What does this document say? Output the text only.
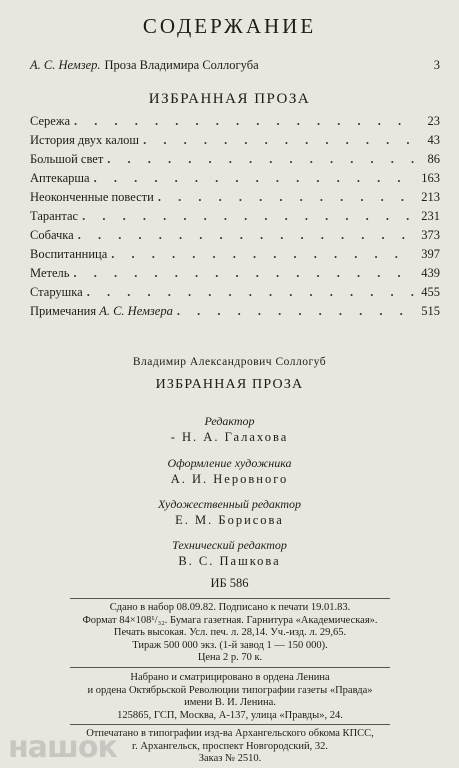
СОДЕРЖАНИЕ
А. С. Немзер. Проза Владимира Соллогуба	3
ИЗБРАННАЯ ПРОЗА
Сережа . . .	23
История двух калош . . .	43
Большой свет . . .	86
Аптекарша . . .	163
Неоконченные повести . . .	213
Тарантас . . .	231
Собачка . . .	373
Воспитанница . . .	397
Метель . . .	439
Старушка . . .	455
Примечания А. С. Немзера . . .	515
Владимир Александрович Соллогуб
ИЗБРАННАЯ ПРОЗА
Редактор
- Н. А. Галахова
Оформление художника
А. И. Неровного
Художественный редактор
Е. М. Борисова
Технический редактор
В. С. Пашкова
ИБ 586
Сдано в набор 08.09.82. Подписано к печати 19.01.83.
Формат 84×108¹/₃₂. Бумага газетная. Гарнитура «Академическая».
Печать высокая. Усл. печ. л. 28,14. Уч.-изд. л. 29,65.
Тираж 500 000 экз. (1-й завод 1 — 150 000).
Цена 2 р. 70 к.
Набрано и сматрицировано в ордена Ленина
и ордена Октябрьской Революции типографии газеты «Правда»
имени В. И. Ленина.
125865, ГСП, Москва, А-137, улица «Правды», 24.
Отпечатано в типографии изд-ва Архангельского обкома КПСС,
г. Архангельск, проспект Новгородский, 32.
Заказ № 2510.
нашок
